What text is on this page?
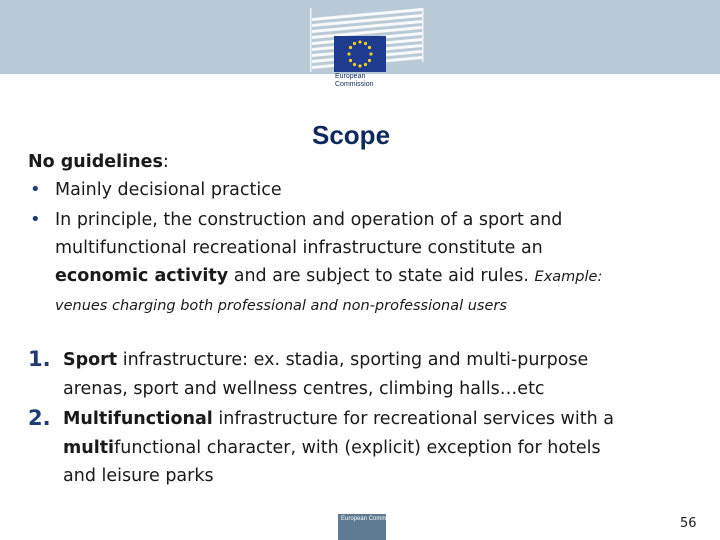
European
Commission
Scope
No guidelines:
• Mainly decisional practice
• In principle, the construction and operation of a sport and
multifunctional recreational infrastructure constitute an
economic activity and are subject to state aid rules. Example:
venues charging both professional and non-professional users
1. Sport infrastructure: ex. stadia, sporting and multi-purpose
arenas, sport and wellness centres, climbing halls…etc
2. Multifunctional infrastructure for recreational services with a
multifunctional character, with (explicit) exception for hotels
and leisure parks
European Commission	56
